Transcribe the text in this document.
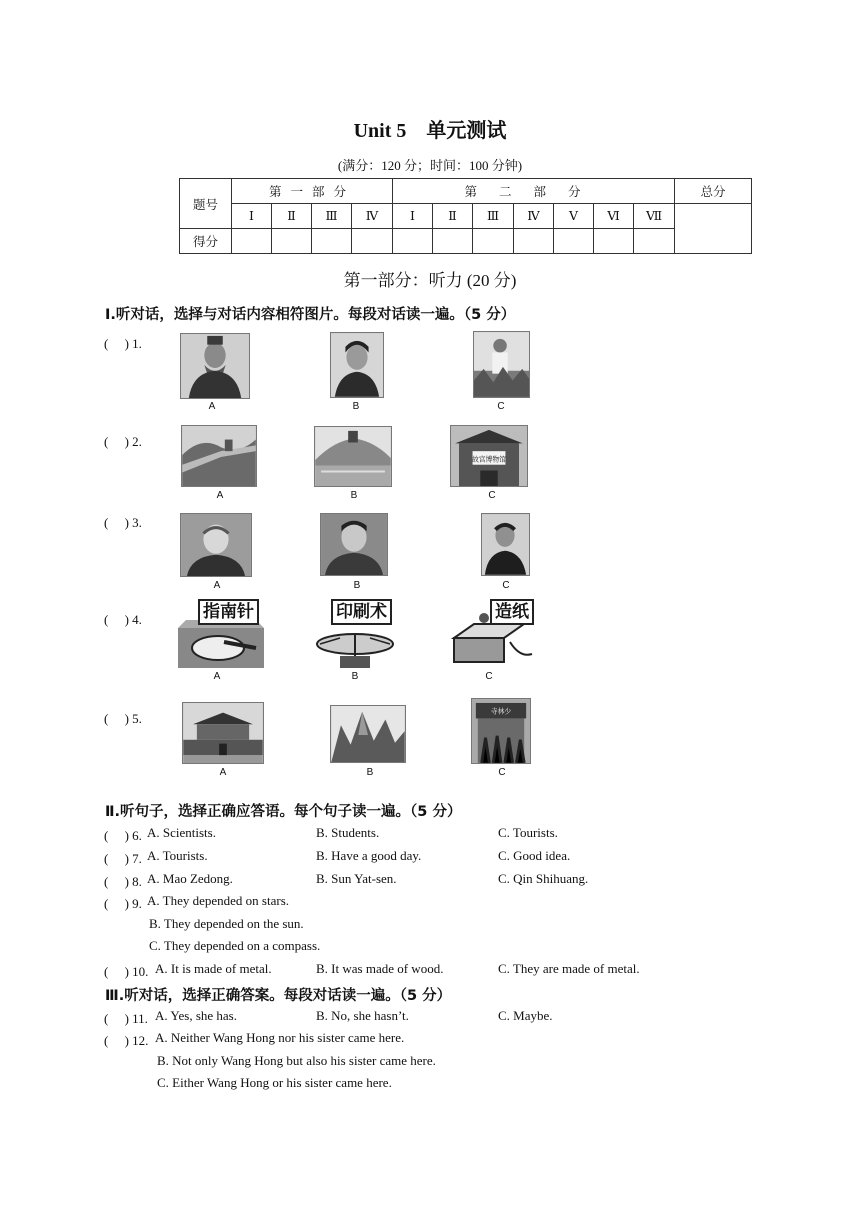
Unit 5　单元测试
(满分：120 分；时间：100 分钟)
题号	第一部分				第二部分							总分
	Ⅰ	Ⅱ	Ⅲ	Ⅳ	Ⅰ	Ⅱ	Ⅲ	Ⅳ	Ⅴ	Ⅵ	Ⅶ	
得分												
第一部分：听力 (20 分)
Ⅰ.听对话，选择与对话内容相符图片。每段对话读一遍。（5 分）
(　 ) 1.
A	B	C
(　 ) 2.
故宫博物馆
A	B	C
(　 ) 3.
A	B	C
(　 ) 4.	指南针	印刷术	造纸
A	B	C
(　 ) 5.	寺林少
A	B	C
Ⅱ.听句子，选择正确应答语。每个句子读一遍。（5 分）
(　 ) 6. A. Scientists.	B. Students.	C. Tourists.
(　 ) 7. A. Tourists.	B. Have a good day.	C. Good idea.
(　 ) 8. A. Mao Zedong.	B. Sun Yat-sen.	C. Qin Shihuang.
(　 ) 9. A. They depended on stars.
B. They depended on the sun.
C. They depended on a compass.
(　 ) 10. A. It is made of metal.	B. It was made of wood.	C. They are made of metal.
Ⅲ.听对话，选择正确答案。每段对话读一遍。（5 分）
(　 ) 11. A. Yes, she has.	B. No, she hasn’t.	C. Maybe.
(　 ) 12. A. Neither Wang Hong nor his sister came here.
B. Not only Wang Hong but also his sister came here.
C. Either Wang Hong or his sister came here.
